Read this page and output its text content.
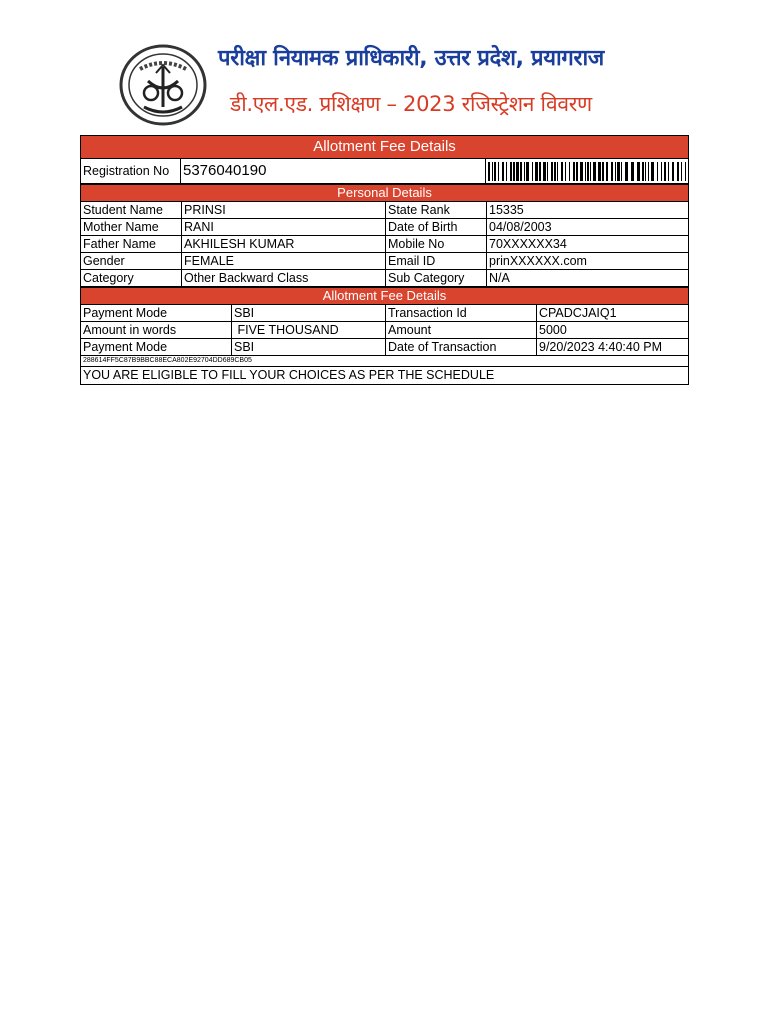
परीक्षा नियामक प्राधिकारी, उत्तर प्रदेश, प्रयागराज
डी.एल.एड. प्रशिक्षण – 2023 रजिस्ट्रेशन विवरण
Allotment Fee Details
Registration No 5376040190
Personal Details
Student Name	PRINSI	State Rank	15335
Mother Name	RANI	Date of Birth	04/08/2003
Father Name	AKHILESH KUMAR	Mobile No	70XXXXXX34
Gender	FEMALE	Email ID	prinXXXXXX.com
Category	Other Backward Class	Sub Category	N/A
Allotment Fee Details
Payment Mode	SBI	Transaction Id	CPADCJAIQ1
Amount in words	FIVE THOUSAND	Amount	5000
Payment Mode	SBI	Date of Transaction	9/20/2023 4:40:40 PM
288614FF5C87B9BBC88ECA802E92704DD689CB05
YOU ARE ELIGIBLE TO FILL YOUR CHOICES AS PER THE SCHEDULE
